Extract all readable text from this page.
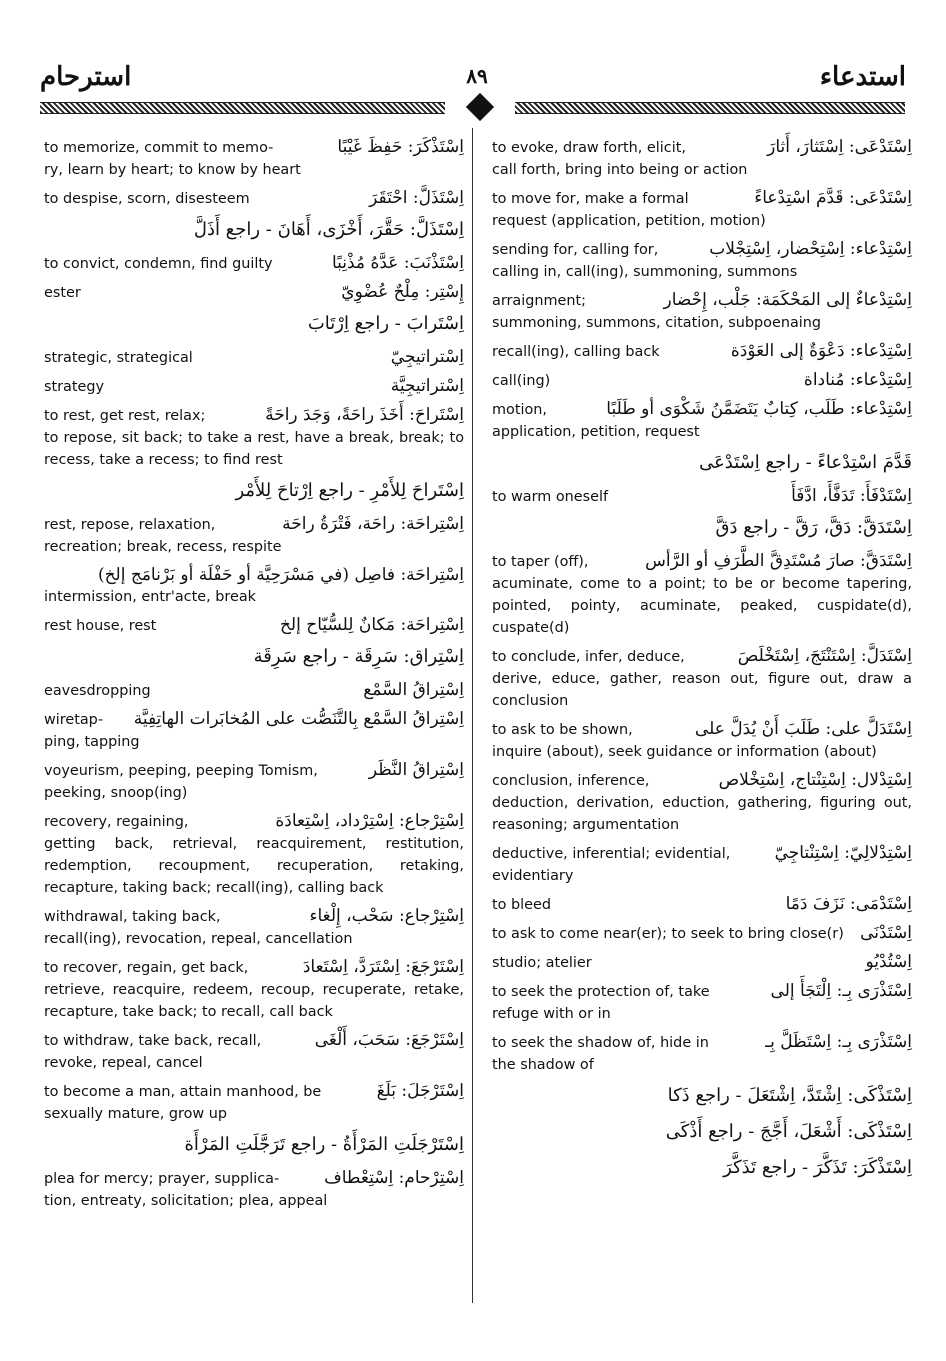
استرحام	٨٩	استدعاء
to memorize, commit to memo-	اِسْتَذْكَرَ: حَفِظَ غَيْبًا
ry, learn by heart; to know by heart
to despise, scorn, disesteem	اِسْتَذَلَّ: احْتَقَرَ
اِسْتَذَلَّ: حَقَّرَ، أَخْزَى، أَهَانَ - راجع أَذَلَّ
to convict, condemn, find guilty	اِسْتَذْنَبَ: عَدَّهُ مُذْنِبًا
ester	إِسْتِر: مِلْحٌ عُضْوِيّ
اِسْتَرابَ - راجع اِرْتَابَ
strategic, strategical	اِسْتراتيجِيّ
strategy	اِسْتراتيجِيَّة
to rest, get rest, relax;	اِسْتَراحَ: أَخَذَ راحَةً، وَجَدَ راحَةً
to repose, sit back; to take a rest, have a break, break; to recess, take a recess; to find rest
اِسْتَراحَ لِلأَمْرِ - راجع اِرْتاحَ لِلأَمْر
rest, repose, relaxation,	اِسْتِراحَة: راحَة، فَتْرَةُ راحَة
recreation; break, recess, respite
اِسْتِراحَة: فاصِل (في مَسْرَحِيَّة أو حَفْلَة أو بَرْنامَج إلخ)
intermission, entr'acte, break
rest house, rest	اِسْتِراحَة: مَكانٌ لِلسُّيّاح إلخ
اِسْتِراق: سَرِقَة - راجع سَرِقَة
eavesdropping	اِسْتِراقُ السَّمْع
wiretap-	اِسْتِراقُ السَّمْع بِالتَّنَصُّت على المُخابَرات الهاتِفِيَّة
ping, tapping
voyeurism, peeping, peeping Tomism,	اِسْتِراقُ النَّظَر
peeking, snoop(ing)
recovery, regaining,	اِسْتِرْجاع: اِسْتِرْداد، اِسْتِعادَة
getting back, retrieval, reacquirement, restitution, redemption, recoupment, recuperation, retaking, recapture, taking back; recall(ing), calling back
withdrawal, taking back,	اِسْتِرْجاع: سَحْب، إِلْغاء
recall(ing), revocation, repeal, cancellation
to recover, regain, get back,	اِسْتَرْجَعَ: اِسْتَرَدَّ، اِسْتَعادَ
retrieve, reacquire, redeem, recoup, recuperate, retake, recapture, take back; to recall, call back
to withdraw, take back, recall,	اِسْتَرْجَعَ: سَحَبَ، أَلْغَى
revoke, repeal, cancel
to become a man, attain manhood, be	اِسْتَرْجَلَ: بَلَغَ
sexually mature, grow up
اِسْتَرْجَلَتِ المَرْأَةُ - راجع تَرَجَّلَتِ المَرْأَة
plea for mercy; prayer, supplica-	اِسْتِرْحام: اِسْتِعْطاف
tion, entreaty, solicitation; plea, appeal
to evoke, draw forth, elicit,	اِسْتَدْعَى: اِسْتَثارَ، أَثارَ
call forth, bring into being or action
to move for, make a formal	اِسْتَدْعَى: قَدَّمَ اسْتِدْعاءً
request (application, petition, motion)
sending for, calling for,	اِسْتِدْعاء: اِسْتِحْضار، اِسْتِجْلاب
calling in, call(ing), summoning, summons
arraignment;	اِسْتِدْعاءٌ إلى المَحْكَمَة: جَلْب، إِحْضار
summoning, summons, citation, subpoenaing
recall(ing), calling back	اِسْتِدْعاء: دَعْوَةٌ إلى العَوْدَة
call(ing)	اِسْتِدْعاء: مُناداة
motion,	اِسْتِدْعاء: طَلَب، كِتابٌ يَتَضَمَّنُ شَكْوَى أو طَلَبًا
application, petition, request
قَدَّمَ اسْتِدْعاءً - راجع اِسْتَدْعَى
to warm oneself	اِسْتَدْفَأَ: تَدَفَّأَ، ادَّفَأَ
اِسْتَدَقَّ: دَقَّ، رَقَّ - راجع دَقَّ
to taper (off),	اِسْتَدَقَّ: صارَ مُسْتَدِقَّ الطَّرَفِ أو الرَّأس
acuminate, come to a point; to be or become tapering, pointed, pointy, acuminate, peaked, cuspidate(d), cuspate(d)
to conclude, infer, deduce,	اِسْتَدَلَّ: اِسْتَنْتَجَ، اِسْتَخْلَصَ
derive, educe, gather, reason out, figure out, draw a conclusion
to ask to be shown,	اِسْتَدَلَّ على: طَلَبَ أَنْ يُدَلَّ على
inquire (about), seek guidance or information (about)
conclusion, inference,	اِسْتِدْلال: اِسْتِنْتاج، اِسْتِخْلاص
deduction, derivation, eduction, gathering, figuring out, reasoning; argumentation
deductive, inferential; evidential,	اِسْتِدْلالِيّ: اِسْتِنْتاجِيّ
evidentiary
to bleed	اِسْتَدْمَى: نَزَفَ دَمًا
to ask to come near(er); to seek to bring close(r) اِسْتَدْنَى
studio; atelier	اِسْتُدْيُو
to seek the protection of, take	اِسْتَذْرَى بِـ: اِلْتَجَأَ إلى
refuge with or in
to seek the shadow of, hide in	اِسْتَذْرَى بِـ: اِسْتَظَلَّ بِـ
the shadow of
اِسْتَذْكَى: اِشْتَدَّ، اِشْتَعَلَ - راجع ذَكا
اِسْتَذْكَى: أَشْعَلَ، أَجَّجَ - راجع أَذْكَى
اِسْتَذْكَرَ: تَذَكَّرَ - راجع تَذَكَّرَ
